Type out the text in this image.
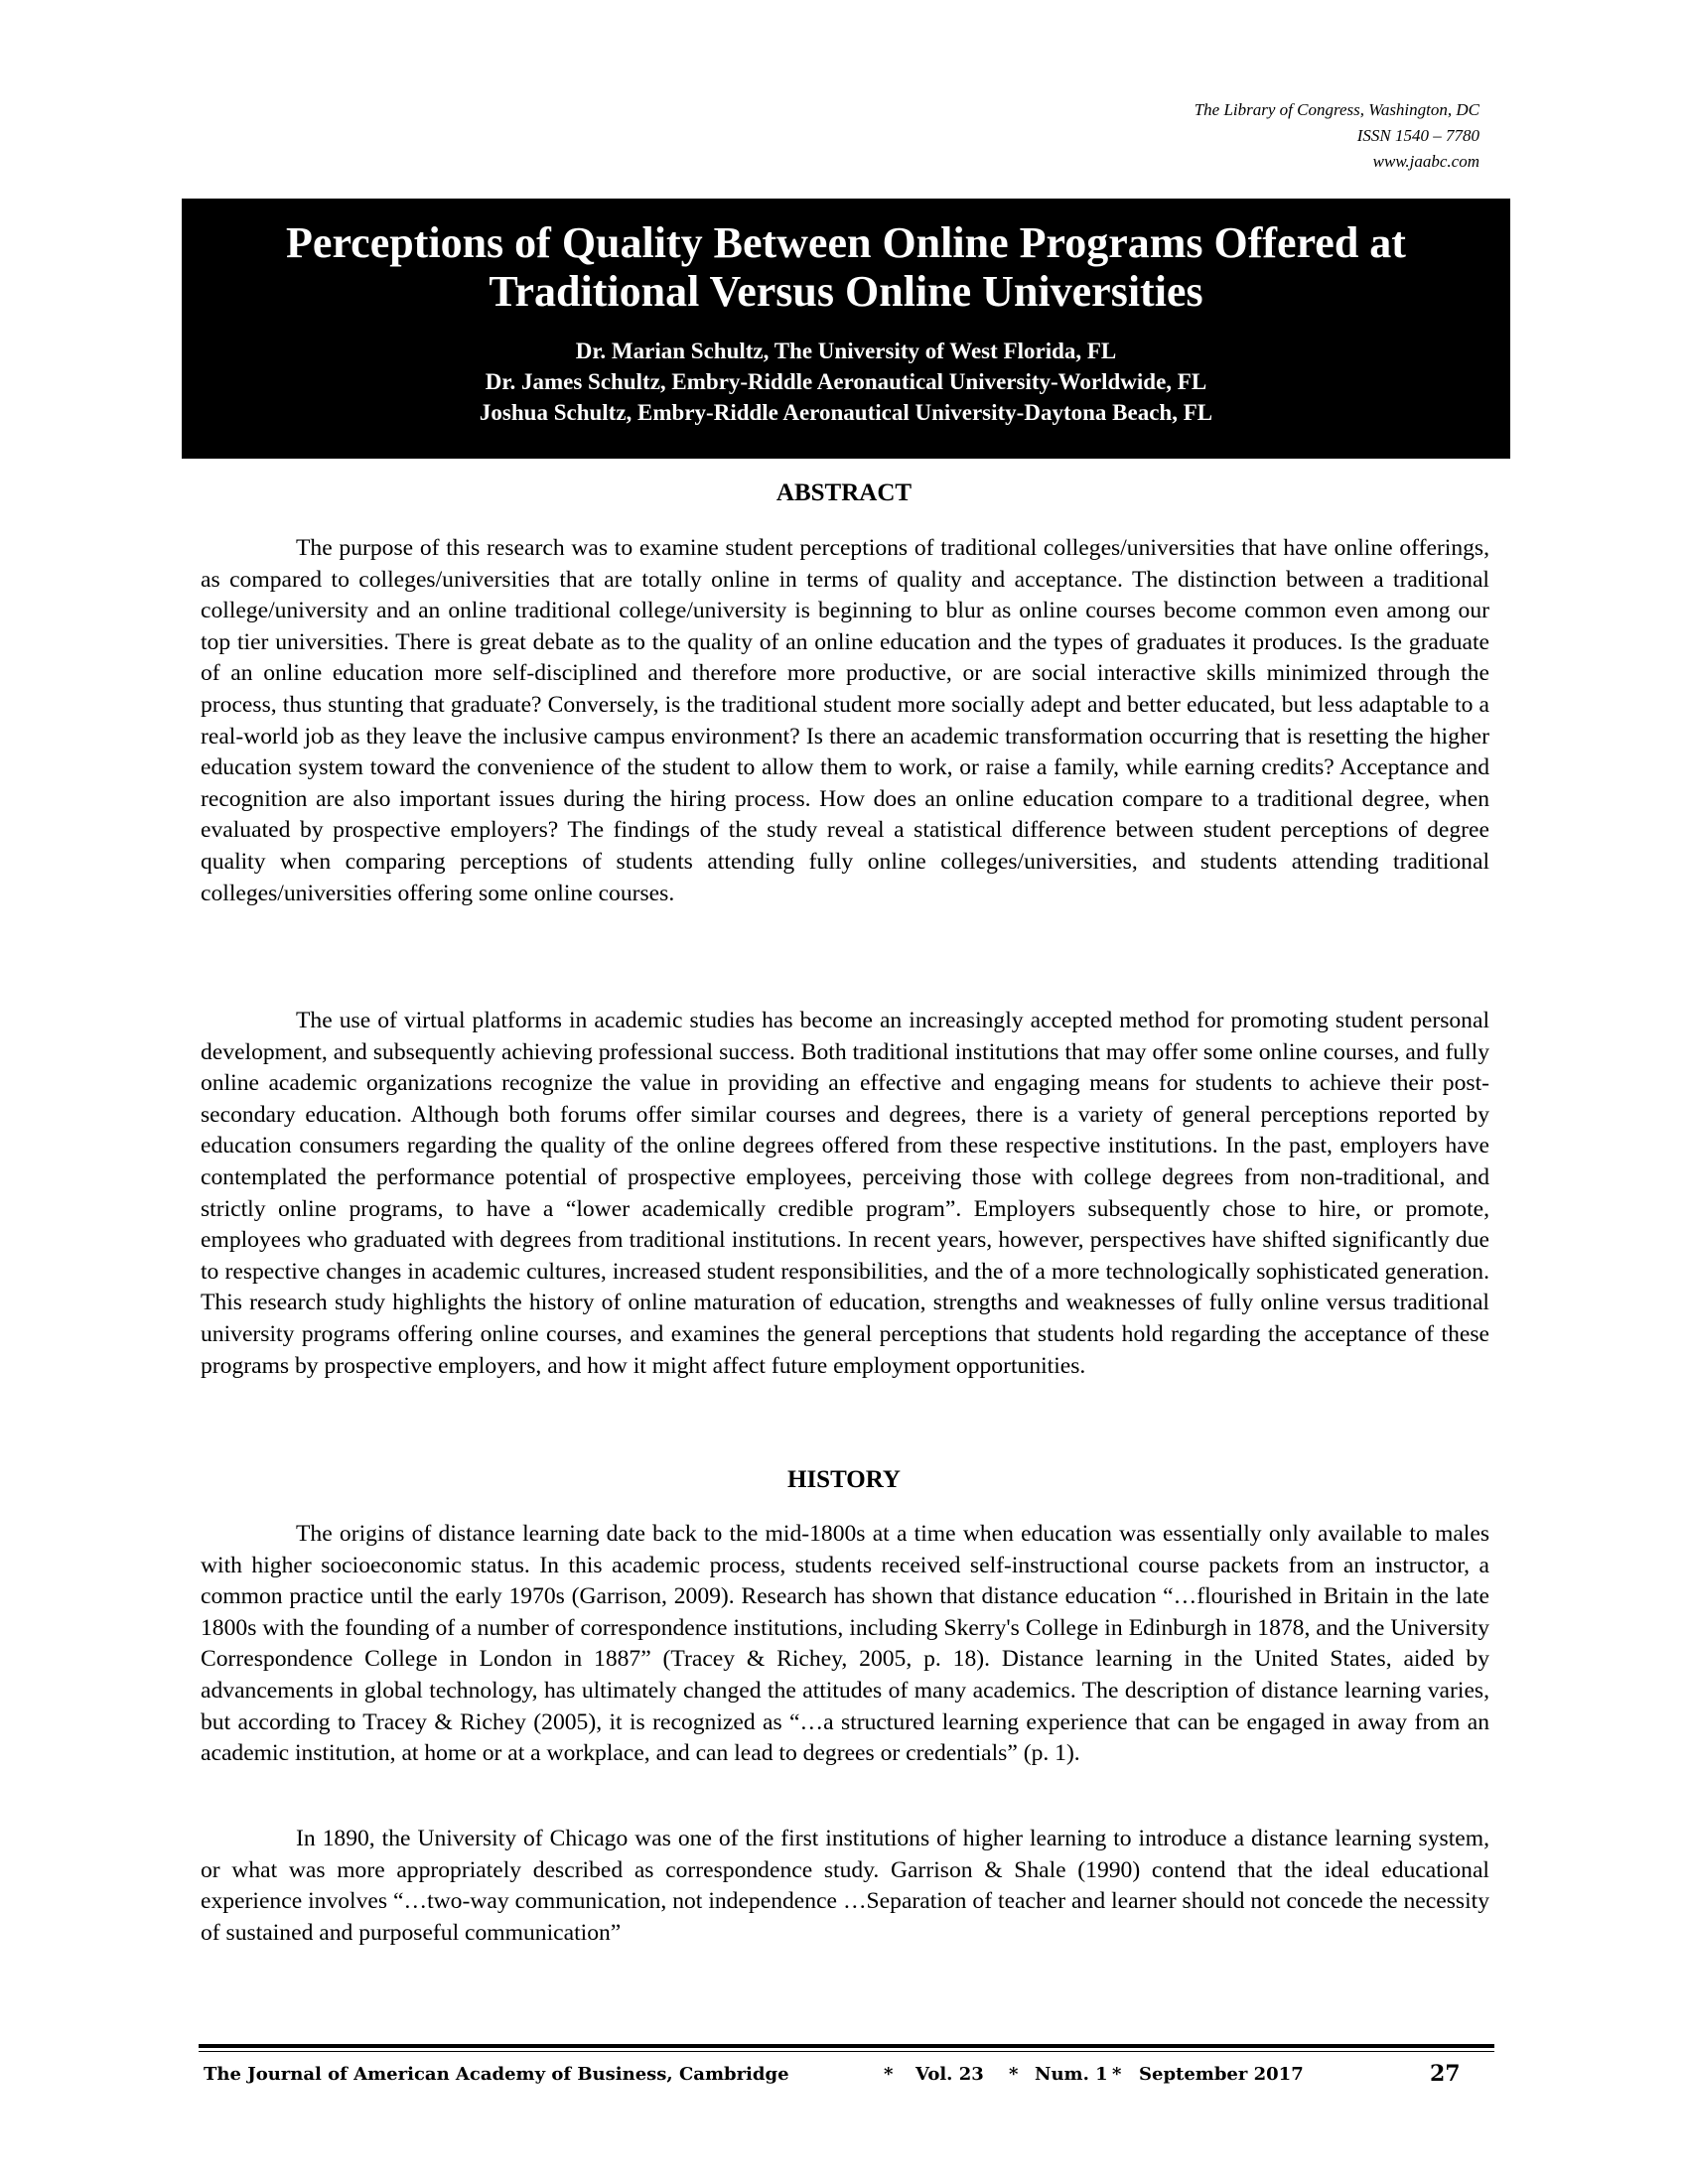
The Library of Congress, Washington, DC
ISSN 1540 – 7780
www.jaabc.com
Perceptions of Quality Between Online Programs Offered at Traditional Versus Online Universities
Dr. Marian Schultz, The University of West Florida, FL
Dr. James Schultz, Embry-Riddle Aeronautical University-Worldwide, FL
Joshua Schultz, Embry-Riddle Aeronautical University-Daytona Beach, FL
ABSTRACT

The purpose of this research was to examine student perceptions of traditional colleges/universities that have online offerings, as compared to colleges/universities that are totally online in terms of quality and acceptance. The distinction between a traditional college/university and an online traditional college/university is beginning to blur as online courses become common even among our top tier universities. There is great debate as to the quality of an online education and the types of graduates it produces. Is the graduate of an online education more self-disciplined and therefore more productive, or are social interactive skills minimized through the process, thus stunting that graduate? Conversely, is the traditional student more socially adept and better educated, but less adaptable to a real-world job as they leave the inclusive campus environment? Is there an academic transformation occurring that is resetting the higher education system toward the convenience of the student to allow them to work, or raise a family, while earning credits? Acceptance and recognition are also important issues during the hiring process. How does an online education compare to a traditional degree, when evaluated by prospective employers? The findings of the study reveal a statistical difference between student perceptions of degree quality when comparing perceptions of students attending fully online colleges/universities, and students attending traditional colleges/universities offering some online courses.

The use of virtual platforms in academic studies has become an increasingly accepted method for promoting student personal development, and subsequently achieving professional success. Both traditional institutions that may offer some online courses, and fully online academic organizations recognize the value in providing an effective and engaging means for students to achieve their post-secondary education. Although both forums offer similar courses and degrees, there is a variety of general perceptions reported by education consumers regarding the quality of the online degrees offered from these respective institutions. In the past, employers have contemplated the performance potential of prospective employees, perceiving those with college degrees from non-traditional, and strictly online programs, to have a “lower academically credible program”. Employers subsequently chose to hire, or promote, employees who graduated with degrees from traditional institutions. In recent years, however, perspectives have shifted significantly due to respective changes in academic cultures, increased student responsibilities, and the of a more technologically sophisticated generation. This research study highlights the history of online maturation of education, strengths and weaknesses of fully online versus traditional university programs offering online courses, and examines the general perceptions that students hold regarding the acceptance of these programs by prospective employers, and how it might affect future employment opportunities.

HISTORY

The origins of distance learning date back to the mid-1800s at a time when education was essentially only available to males with higher socioeconomic status. In this academic process, students received self-instructional course packets from an instructor, a common practice until the early 1970s (Garrison, 2009). Research has shown that distance education “…flourished in Britain in the late 1800s with the founding of a number of correspondence institutions, including Skerry's College in Edinburgh in 1878, and the University Correspondence College in London in 1887” (Tracey & Richey, 2005, p. 18). Distance learning in the United States, aided by advancements in global technology, has ultimately changed the attitudes of many academics. The description of distance learning varies, but according to Tracey & Richey (2005), it is recognized as “…a structured learning experience that can be engaged in away from an academic institution, at home or at a workplace, and can lead to degrees or credentials” (p. 1).

In 1890, the University of Chicago was one of the first institutions of higher learning to introduce a distance learning system, or what was more appropriately described as correspondence study. Garrison & Shale (1990) contend that the ideal educational experience involves “…two-way communication, not independence …Separation of teacher and learner should not concede the necessity of sustained and purposeful communication”

The Journal of American Academy of Business, Cambridge	* Vol. 23 * Num. 1 * September 2017	27
